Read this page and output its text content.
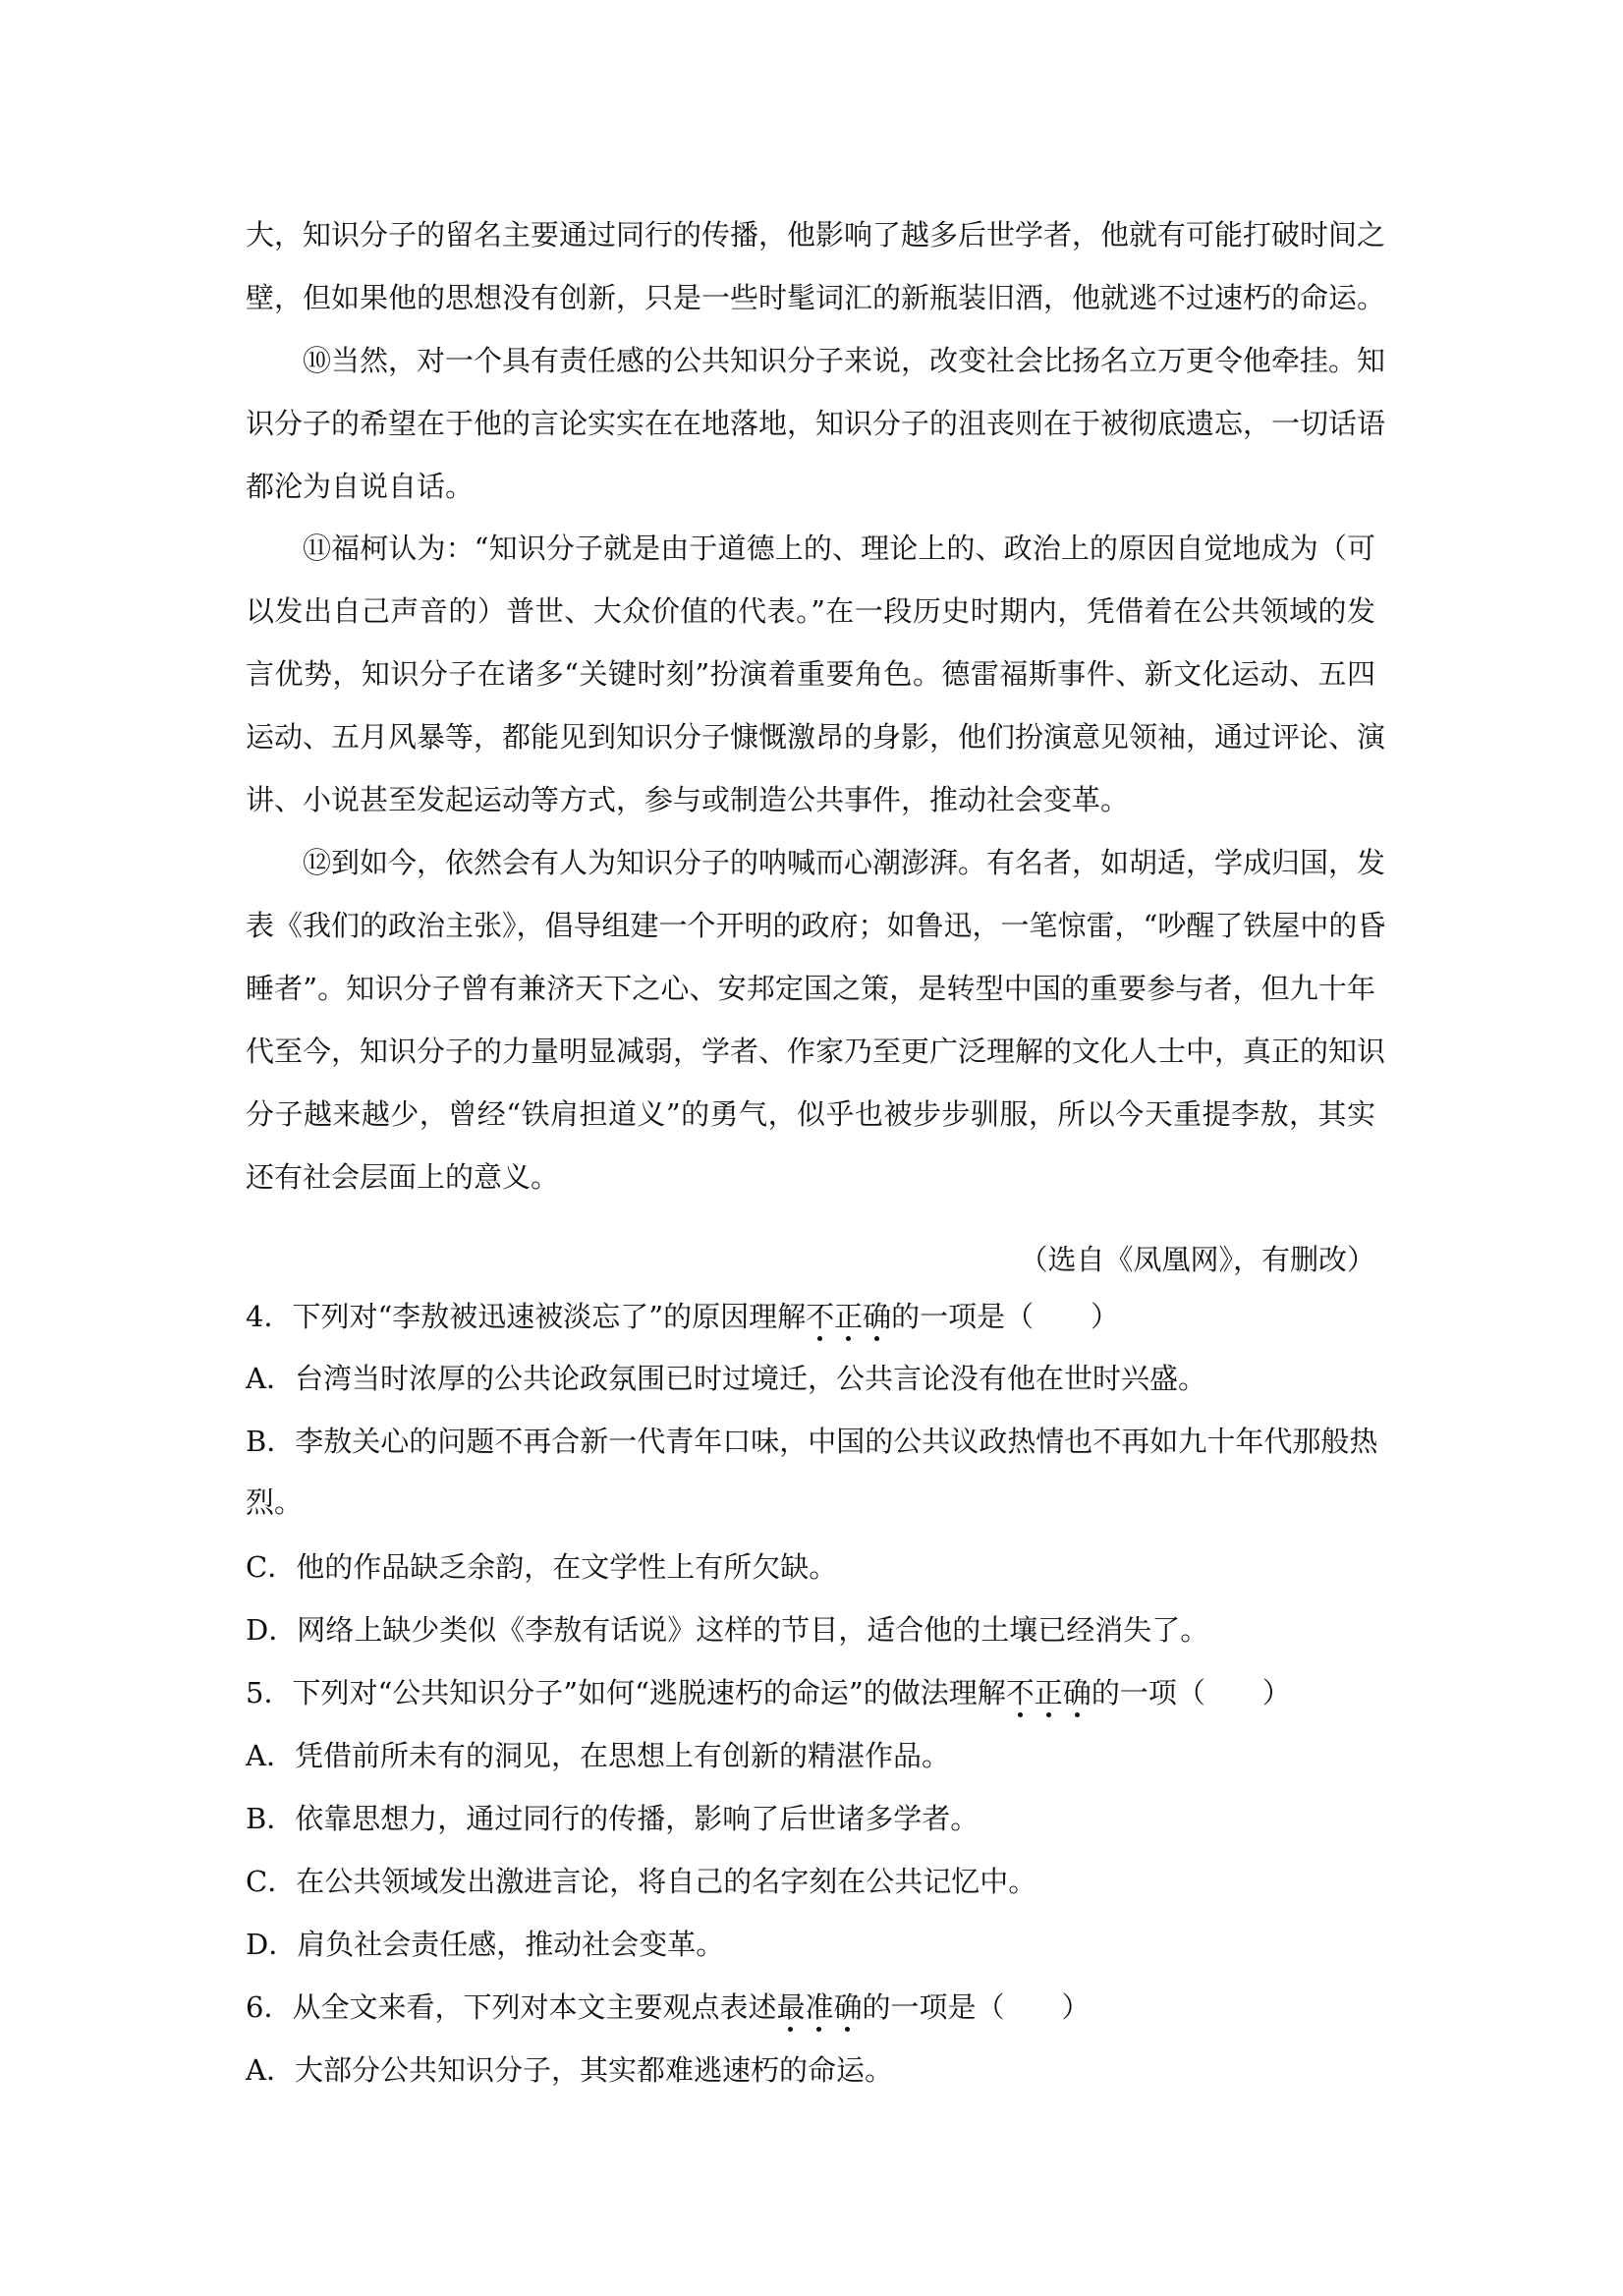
大，知识分子的留名主要通过同行的传播，他影响了越多后世学者，他就有可能打破时间之
壁，但如果他的思想没有创新，只是一些时髦词汇的新瓶装旧酒，他就逃不过速朽的命运。
⑩当然，对一个具有责任感的公共知识分子来说，改变社会比扬名立万更令他牵挂。知
识分子的希望在于他的言论实实在在地落地，知识分子的沮丧则在于被彻底遗忘，一切话语
都沦为自说自话。
⑪福柯认为：“知识分子就是由于道德上的、理论上的、政治上的原因自觉地成为（可
以发出自己声音的）普世、大众价值的代表。”在一段历史时期内，凭借着在公共领域的发
言优势，知识分子在诸多“关键时刻”扮演着重要角色。德雷福斯事件、新文化运动、五四
运动、五月风暴等，都能见到知识分子慷慨激昂的身影，他们扮演意见领袖，通过评论、演
讲、小说甚至发起运动等方式，参与或制造公共事件，推动社会变革。
⑫到如今，依然会有人为知识分子的呐喊而心潮澎湃。有名者，如胡适，学成归国，发
表《我们的政治主张》，倡导组建一个开明的政府；如鲁迅，一笔惊雷，“吵醒了铁屋中的昏
睡者”。知识分子曾有兼济天下之心、安邦定国之策，是转型中国的重要参与者，但九十年
代至今，知识分子的力量明显减弱，学者、作家乃至更广泛理解的文化人士中，真正的知识
分子越来越少，曾经“铁肩担道义”的勇气，似乎也被步步驯服，所以今天重提李敖，其实
还有社会层面上的意义。
（选自《凤凰网》，有删改）
4．下列对“李敖被迅速被淡忘了”的原因理解不正确的一项是（　　）
A．台湾当时浓厚的公共论政氛围已时过境迁，公共言论没有他在世时兴盛。
B．李敖关心的问题不再合新一代青年口味，中国的公共议政热情也不再如九十年代那般热
烈。
C．他的作品缺乏余韵，在文学性上有所欠缺。
D．网络上缺少类似《李敖有话说》这样的节目，适合他的土壤已经消失了。
5．下列对“公共知识分子”如何“逃脱速朽的命运”的做法理解不正确的一项（　　）
A．凭借前所未有的洞见，在思想上有创新的精湛作品。
B．依靠思想力，通过同行的传播，影响了后世诸多学者。
C．在公共领域发出激进言论，将自己的名字刻在公共记忆中。
D．肩负社会责任感，推动社会变革。
6．从全文来看，下列对本文主要观点表述最准确的一项是（　　）
A．大部分公共知识分子，其实都难逃速朽的命运。
